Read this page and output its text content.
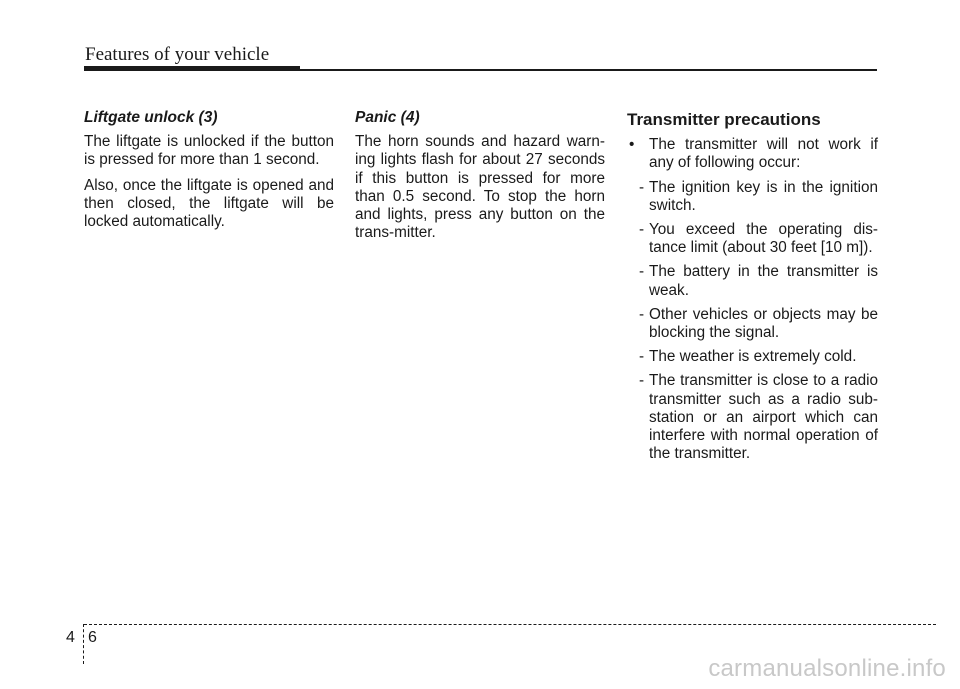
Features of your vehicle
Liftgate unlock (3)

The liftgate is unlocked if the button is pressed for more than 1 second.

Also, once the liftgate is opened and then closed, the liftgate will be locked automatically.

Panic (4)

The horn sounds and hazard warn-ing lights flash for about 27 seconds if this button is pressed for more than 0.5 second. To stop the horn and lights, press any button on the trans-mitter.

Transmitter precautions
• The transmitter will not work if any of following occur:
- The ignition key is in the ignition switch.
- You exceed the operating dis-tance limit (about 30 feet [10 m]).
- The battery in the transmitter is weak.
- Other vehicles or objects may be blocking the signal.
- The weather is extremely cold.
- The transmitter is close to a radio transmitter such as a radio sub-station or an airport which can interfere with normal operation of the transmitter.
4 6
carmanualsonline.info
